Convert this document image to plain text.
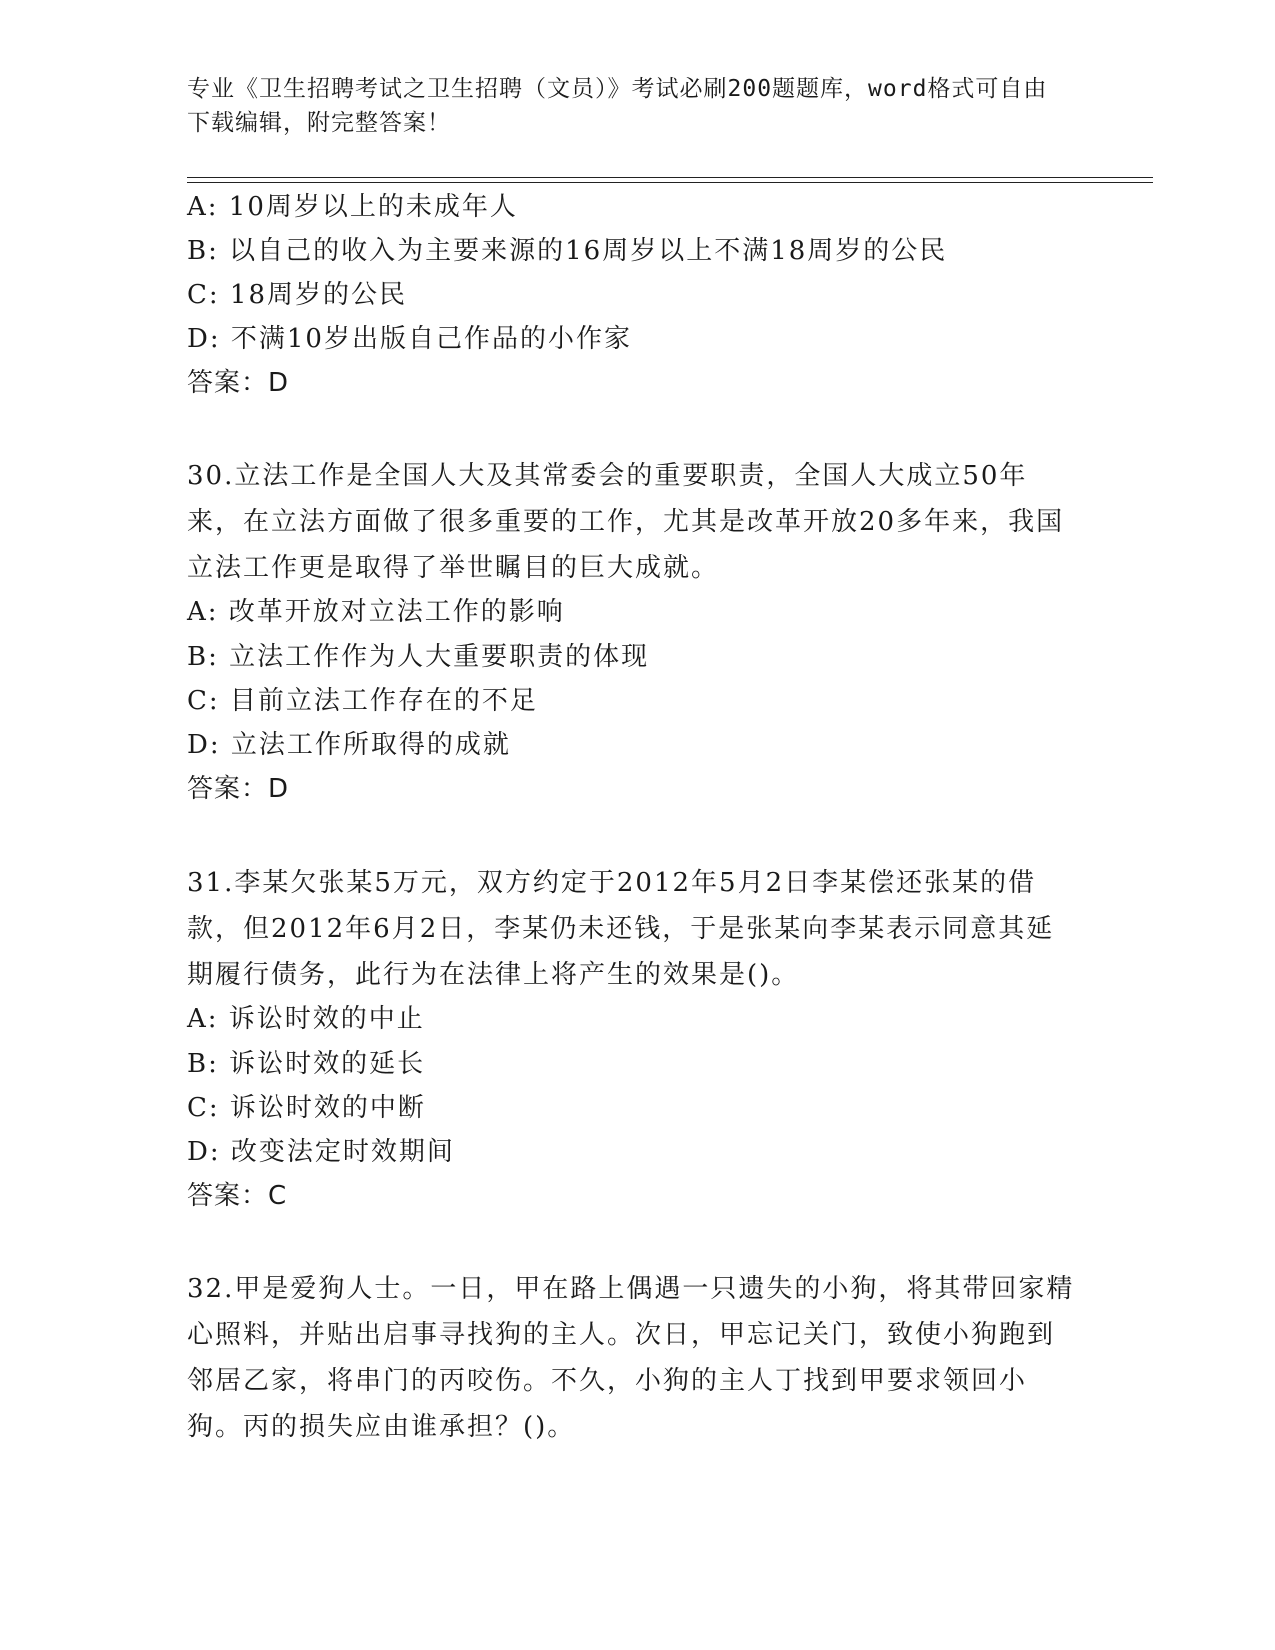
专业《卫生招聘考试之卫生招聘（文员）》考试必刷200题题库，word格式可自由下载编辑，附完整答案！
A: 10周岁以上的未成年人
B: 以自己的收入为主要来源的16周岁以上不满18周岁的公民
C: 18周岁的公民
D: 不满10岁出版自己作品的小作家
答案：D
30.立法工作是全国人大及其常委会的重要职责，全国人大成立50年来，在立法方面做了很多重要的工作，尤其是改革开放20多年来，我国立法工作更是取得了举世瞩目的巨大成就。
A: 改革开放对立法工作的影响
B: 立法工作作为人大重要职责的体现
C: 目前立法工作存在的不足
D: 立法工作所取得的成就
答案：D
31.李某欠张某5万元，双方约定于2012年5月2日李某偿还张某的借款，但2012年6月2日，李某仍未还钱，于是张某向李某表示同意其延期履行债务，此行为在法律上将产生的效果是()。
A: 诉讼时效的中止
B: 诉讼时效的延长
C: 诉讼时效的中断
D: 改变法定时效期间
答案：C
32.甲是爱狗人士。一日，甲在路上偶遇一只遗失的小狗，将其带回家精心照料，并贴出启事寻找狗的主人。次日，甲忘记关门，致使小狗跑到邻居乙家，将串门的丙咬伤。不久，小狗的主人丁找到甲要求领回小狗。丙的损失应由谁承担？()。
